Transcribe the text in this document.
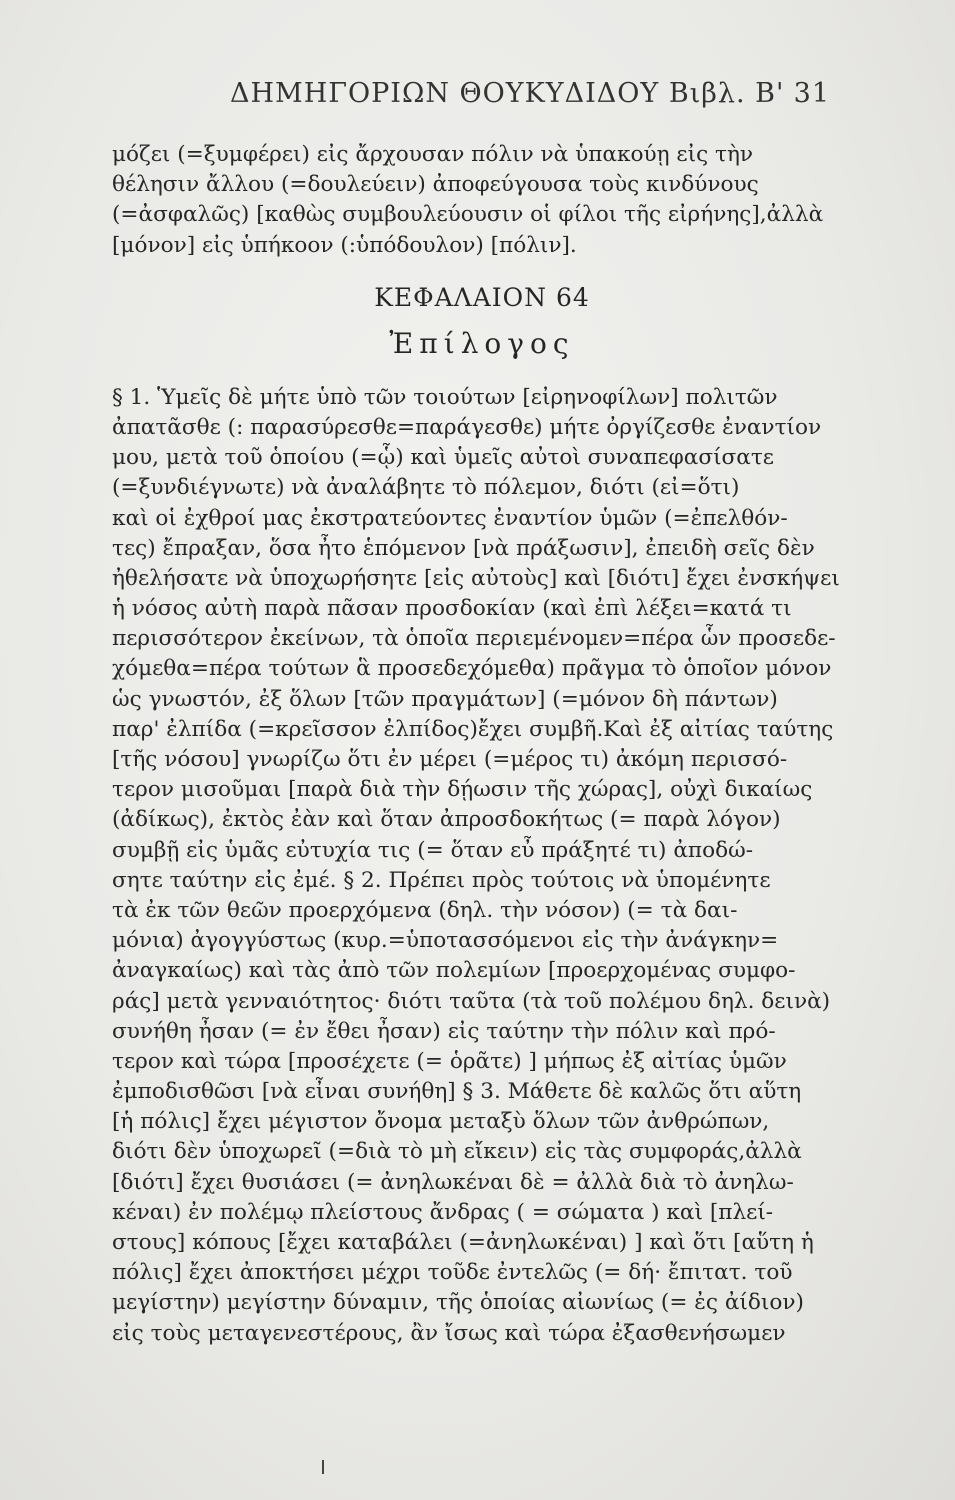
ΔΗΜΗΓΟΡΙΩΝ ΘΟΥΚΥΔΙΔΟΥ Βιβλ. Β' 31
μόζει (=ξυμφέρει) εἰς ἄρχουσαν πόλιν νὰ ὑπακούῃ εἰς τὴν
θέλησιν ἄλλου (=δουλεύειν) ἀποφεύγουσα τοὺς κινδύνους
(=ἀσφαλῶς) [καθὼς συμβουλεύουσιν οἱ φίλοι τῆς εἰρήνης],ἀλλὰ
[μόνον] εἰς ὑπήκοον (:ὑπόδουλον) [πόλιν].
ΚΕΦΑΛΑΙΟΝ 64
Ἐπίλογος
§ 1. Ὑμεῖς δὲ μήτε ὑπὸ τῶν τοιούτων [εἰρηνοφίλων] πολιτῶν
ἀπατᾶσθε (: παρασύρεσθε=παράγεσθε) μήτε ὀργίζεσθε ἐναντίον
μου, μετὰ τοῦ ὁποίου (=ᾧ) καὶ ὑμεῖς αὐτοὶ συναπεφασίσατε
(=ξυνδιέγνωτε) νὰ ἀναλάβητε τὸ πόλεμον, διότι (εἰ=ὅτι)
καὶ οἱ ἐχθροί μας ἐκστρατεύοντες ἐναντίον ὑμῶν (=ἐπελθόν-
τες) ἔπραξαν, ὅσα ἦτο ἑπόμενον [νὰ πράξωσιν], ἐπειδὴ σεῖς δὲν
ἠθελήσατε νὰ ὑποχωρήσητε [εἰς αὐτοὺς] καὶ [διότι] ἔχει ἐνσκήψει
ἡ νόσος αὐτὴ παρὰ πᾶσαν προσδοκίαν (καὶ ἐπὶ λέξει=κατά τι
περισσότερον ἐκείνων, τὰ ὁποῖα περιεμένομεν=πέρα ὧν προσεδε-
χόμεθα=πέρα τούτων ἃ προσεδεχόμεθα) πρᾶγμα τὸ ὁποῖον μόνον
ὡς γνωστόν, ἐξ ὅλων [τῶν πραγμάτων] (=μόνον δὴ πάντων)
παρ' ἐλπίδα (=κρεῖσσον ἐλπίδος)ἔχει συμβῆ.Καὶ ἐξ αἰτίας ταύτης
[τῆς νόσου] γνωρίζω ὅτι ἐν μέρει (=μέρος τι) ἀκόμη περισσό-
τερον μισοῦμαι [παρὰ διὰ τὴν δῄωσιν τῆς χώρας], οὐχὶ δικαίως
(ἀδίκως), ἐκτὸς ἐὰν καὶ ὅταν ἀπροσδοκήτως (= παρὰ λόγον)
συμβῇ εἰς ὑμᾶς εὐτυχία τις (= ὅταν εὖ πράξητέ τι) ἀποδώ-
σητε ταύτην εἰς ἐμέ. § 2. Πρέπει πρὸς τούτοις νὰ ὑπομένητε
τὰ ἐκ τῶν θεῶν προερχόμενα (δηλ. τὴν νόσον) (= τὰ δαι-
μόνια) ἀγογγύστως (κυρ.=ὑποτασσόμενοι εἰς τὴν ἀνάγκην=
ἀναγκαίως) καὶ τὰς ἀπὸ τῶν πολεμίων [προερχομένας συμφο-
ράς] μετὰ γενναιότητος· διότι ταῦτα (τὰ τοῦ πολέμου δηλ. δεινὰ)
συνήθη ἦσαν (= ἐν ἔθει ἦσαν) εἰς ταύτην τὴν πόλιν καὶ πρό-
τερον καὶ τώρα [προσέχετε (= ὁρᾶτε) ] μήπως ἐξ αἰτίας ὑμῶν
ἐμποδισθῶσι [νὰ εἶναι συνήθη] § 3. Μάθετε δὲ καλῶς ὅτι αὕτη
[ἡ πόλις] ἔχει μέγιστον ὄνομα μεταξὺ ὅλων τῶν ἀνθρώπων,
διότι δὲν ὑποχωρεῖ (=διὰ τὸ μὴ εἴκειν) εἰς τὰς συμφοράς,ἀλλὰ
[διότι] ἔχει θυσιάσει (= ἀνηλωκέναι δὲ = ἀλλὰ διὰ τὸ ἀνηλω-
κέναι) ἐν πολέμῳ πλείστους ἄνδρας ( = σώματα ) καὶ [πλεί-
στους] κόπους [ἔχει καταβάλει (=ἀνηλωκέναι) ] καὶ ὅτι [αὕτη ἡ
πόλις] ἔχει ἀποκτήσει μέχρι τοῦδε ἐντελῶς (= δή· ἔπιτατ. τοῦ
μεγίστην) μεγίστην δύναμιν, τῆς ὁποίας αἰωνίως (= ἐς ἀίδιον)
εἰς τοὺς μεταγενεστέρους, ἂν ἴσως καὶ τώρα ἐξασθενήσωμεν
